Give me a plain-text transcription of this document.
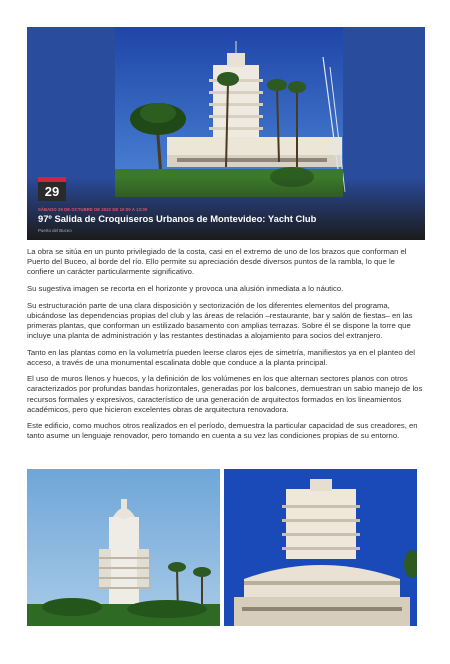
29
SÁBADO 29 DE OCTUBRE DE 2022 DE 10:00 A 13:00
97º Salida de Croquiseros Urbanos de Montevideo: Yacht Club
Puerto del Buceo

La obra se sitúa en un punto privilegiado de la costa, casi en el extremo de uno de los brazos que conforman el Puerto del Buceo, al borde del río. Ello permite su apreciación desde diversos puntos de la rambla, lo que le confiere un carácter particularmente significativo.

Su sugestiva imagen se recorta en el horizonte y provoca una alusión inmediata a lo náutico.

Su estructuración parte de una clara disposición y sectorización de los diferentes elementos del programa, ubicándose las dependencias propias del club y las áreas de relación –restaurante, bar y salón de fiestas– en las primeras plantas, que conforman un estilizado basamento con amplias terrazas. Sobre él se dispone la torre que incluye una planta de administración y las restantes destinadas a alojamiento para socios del extranjero.

Tanto en las plantas como en la volumetría pueden leerse claros ejes de simetría, manifiestos ya en el planteo del acceso, a través de una monumental escalinata doble que conduce a la planta principal.

El uso de muros llenos y huecos, y la definición de los volúmenes en los que alternan sectores planos con otros caracterizados por profundas bandas horizontales, generadas por los balcones, demuestran un sabio manejo de los recursos formales y expresivos, característico de una generación de arquitectos formados en los lineamientos académicos, pero que hicieron excelentes obras de arquitectura renovadora.

Este edificio, como muchos otros realizados en el período, demuestra la particular capacidad de sus creadores, en tanto asume un lenguaje renovador, pero tomando en cuenta a su vez las condiciones propias de su entorno.
